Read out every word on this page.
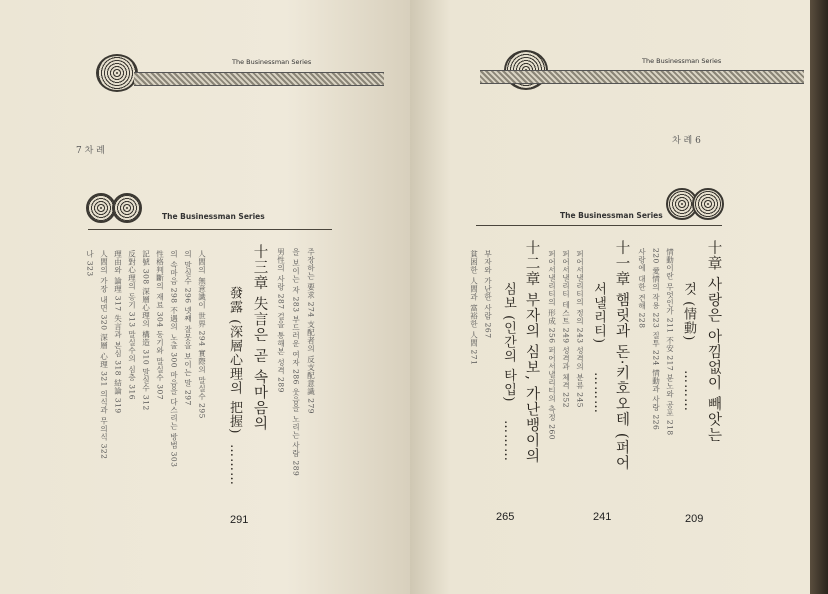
The Businessman Series
7 차 례
The Businessman Series
十三章 失言은 곧 속마음의
發露 (深層心理의 把握)
………
291
주장하는 要求 274 支配者의 反支配意識 279
을 보이는 자 283 부드러운 여자 286 웃음을 노리는 사람 289
男性의 사랑 287 걸을 통해본 성격 289
人間의 無意識이 世界 294 實際의 말실수 295
의 말실수 296 넷째 잘못을 보이는 말 297
의 속마음 298 不遇의 노출 300 마음을 다스리는 방법 303
性格判斷의 재료 304 동기와 말실수 307
記號 308 深層心理의 構造 310 말실수 312
反對心理의 동기 313 말실수의 심층 316
理由와 論理 317 失言과 본심 318 結論 319
人間의 가장 내면 320 深層 心理 321 의식과 무의식 322
나 323
The Businessman Series
차 례 6
The Businessman Series
十章 사랑은 아낌없이 빼앗는
것 (情動)
………
209
情動이란 무엇인가 211 不安 217 분노와 공포 218
220 愛情의 작용 223 질투 224 情動과 사랑 226
사랑에 대한 견해 228
十一章 햄릿과 돈·키호오테 (퍼어
서낼리티)
………
241
퍼어서낼리티의 정의 243 성격의 분류 245
퍼어서낼리티 테스트 249 성격과 체격 252
퍼어서낼리티의 形成 256 퍼어서낼리티의 측정 260
十二章 부자의 심보, 가난뱅이의
심보 (인간의 타입)
………
265
부자와 가난한 사람 267
貧困한 人間과 富裕한 人間 271
